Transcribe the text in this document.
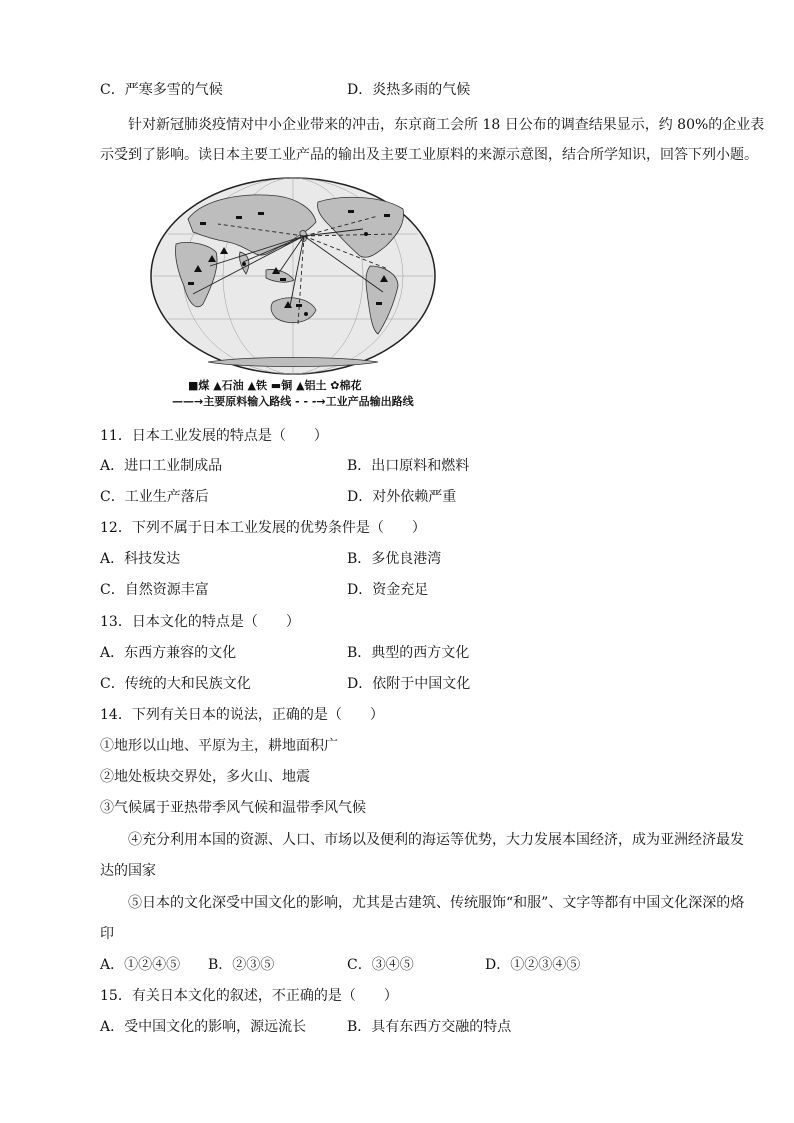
C．严寒多雪的气候	D．炎热多雨的气候
针对新冠肺炎疫情对中小企业带来的冲击，东京商工会所 18 日公布的调查结果显示，约 80%的企业表
示受到了影响。读日本主要工业产品的输出及主要工业原料的来源示意图，结合所学知识，回答下列小题。
■煤 ▲石油 ▲铁 ▬铜 ▲铝土 ✿棉花
——→主要原料输入路线 - - -→工业产品输出路线
11．日本工业发展的特点是（　　）
A．进口工业制成品	B．出口原料和燃料
C．工业生产落后	D．对外依赖严重
12．下列不属于日本工业发展的优势条件是（　　）
A．科技发达	B．多优良港湾
C．自然资源丰富	D．资金充足
13．日本文化的特点是（　　）
A．东西方兼容的文化	B．典型的西方文化
C．传统的大和民族文化	D．依附于中国文化
14．下列有关日本的说法，正确的是（　　）
①地形以山地、平原为主，耕地面积广
②地处板块交界处，多火山、地震
③气候属于亚热带季风气候和温带季风气候
④充分利用本国的资源、人口、市场以及便利的海运等优势，大力发展本国经济，成为亚洲经济最发
达的国家
⑤日本的文化深受中国文化的影响，尤其是古建筑、传统服饰“和服”、文字等都有中国文化深深的烙
印
A．①②④⑤ B．②③⑤	C．③④⑤	D．①②③④⑤
15．有关日本文化的叙述，不正确的是（　　）
A．受中国文化的影响，源远流长	B．具有东西方交融的特点
